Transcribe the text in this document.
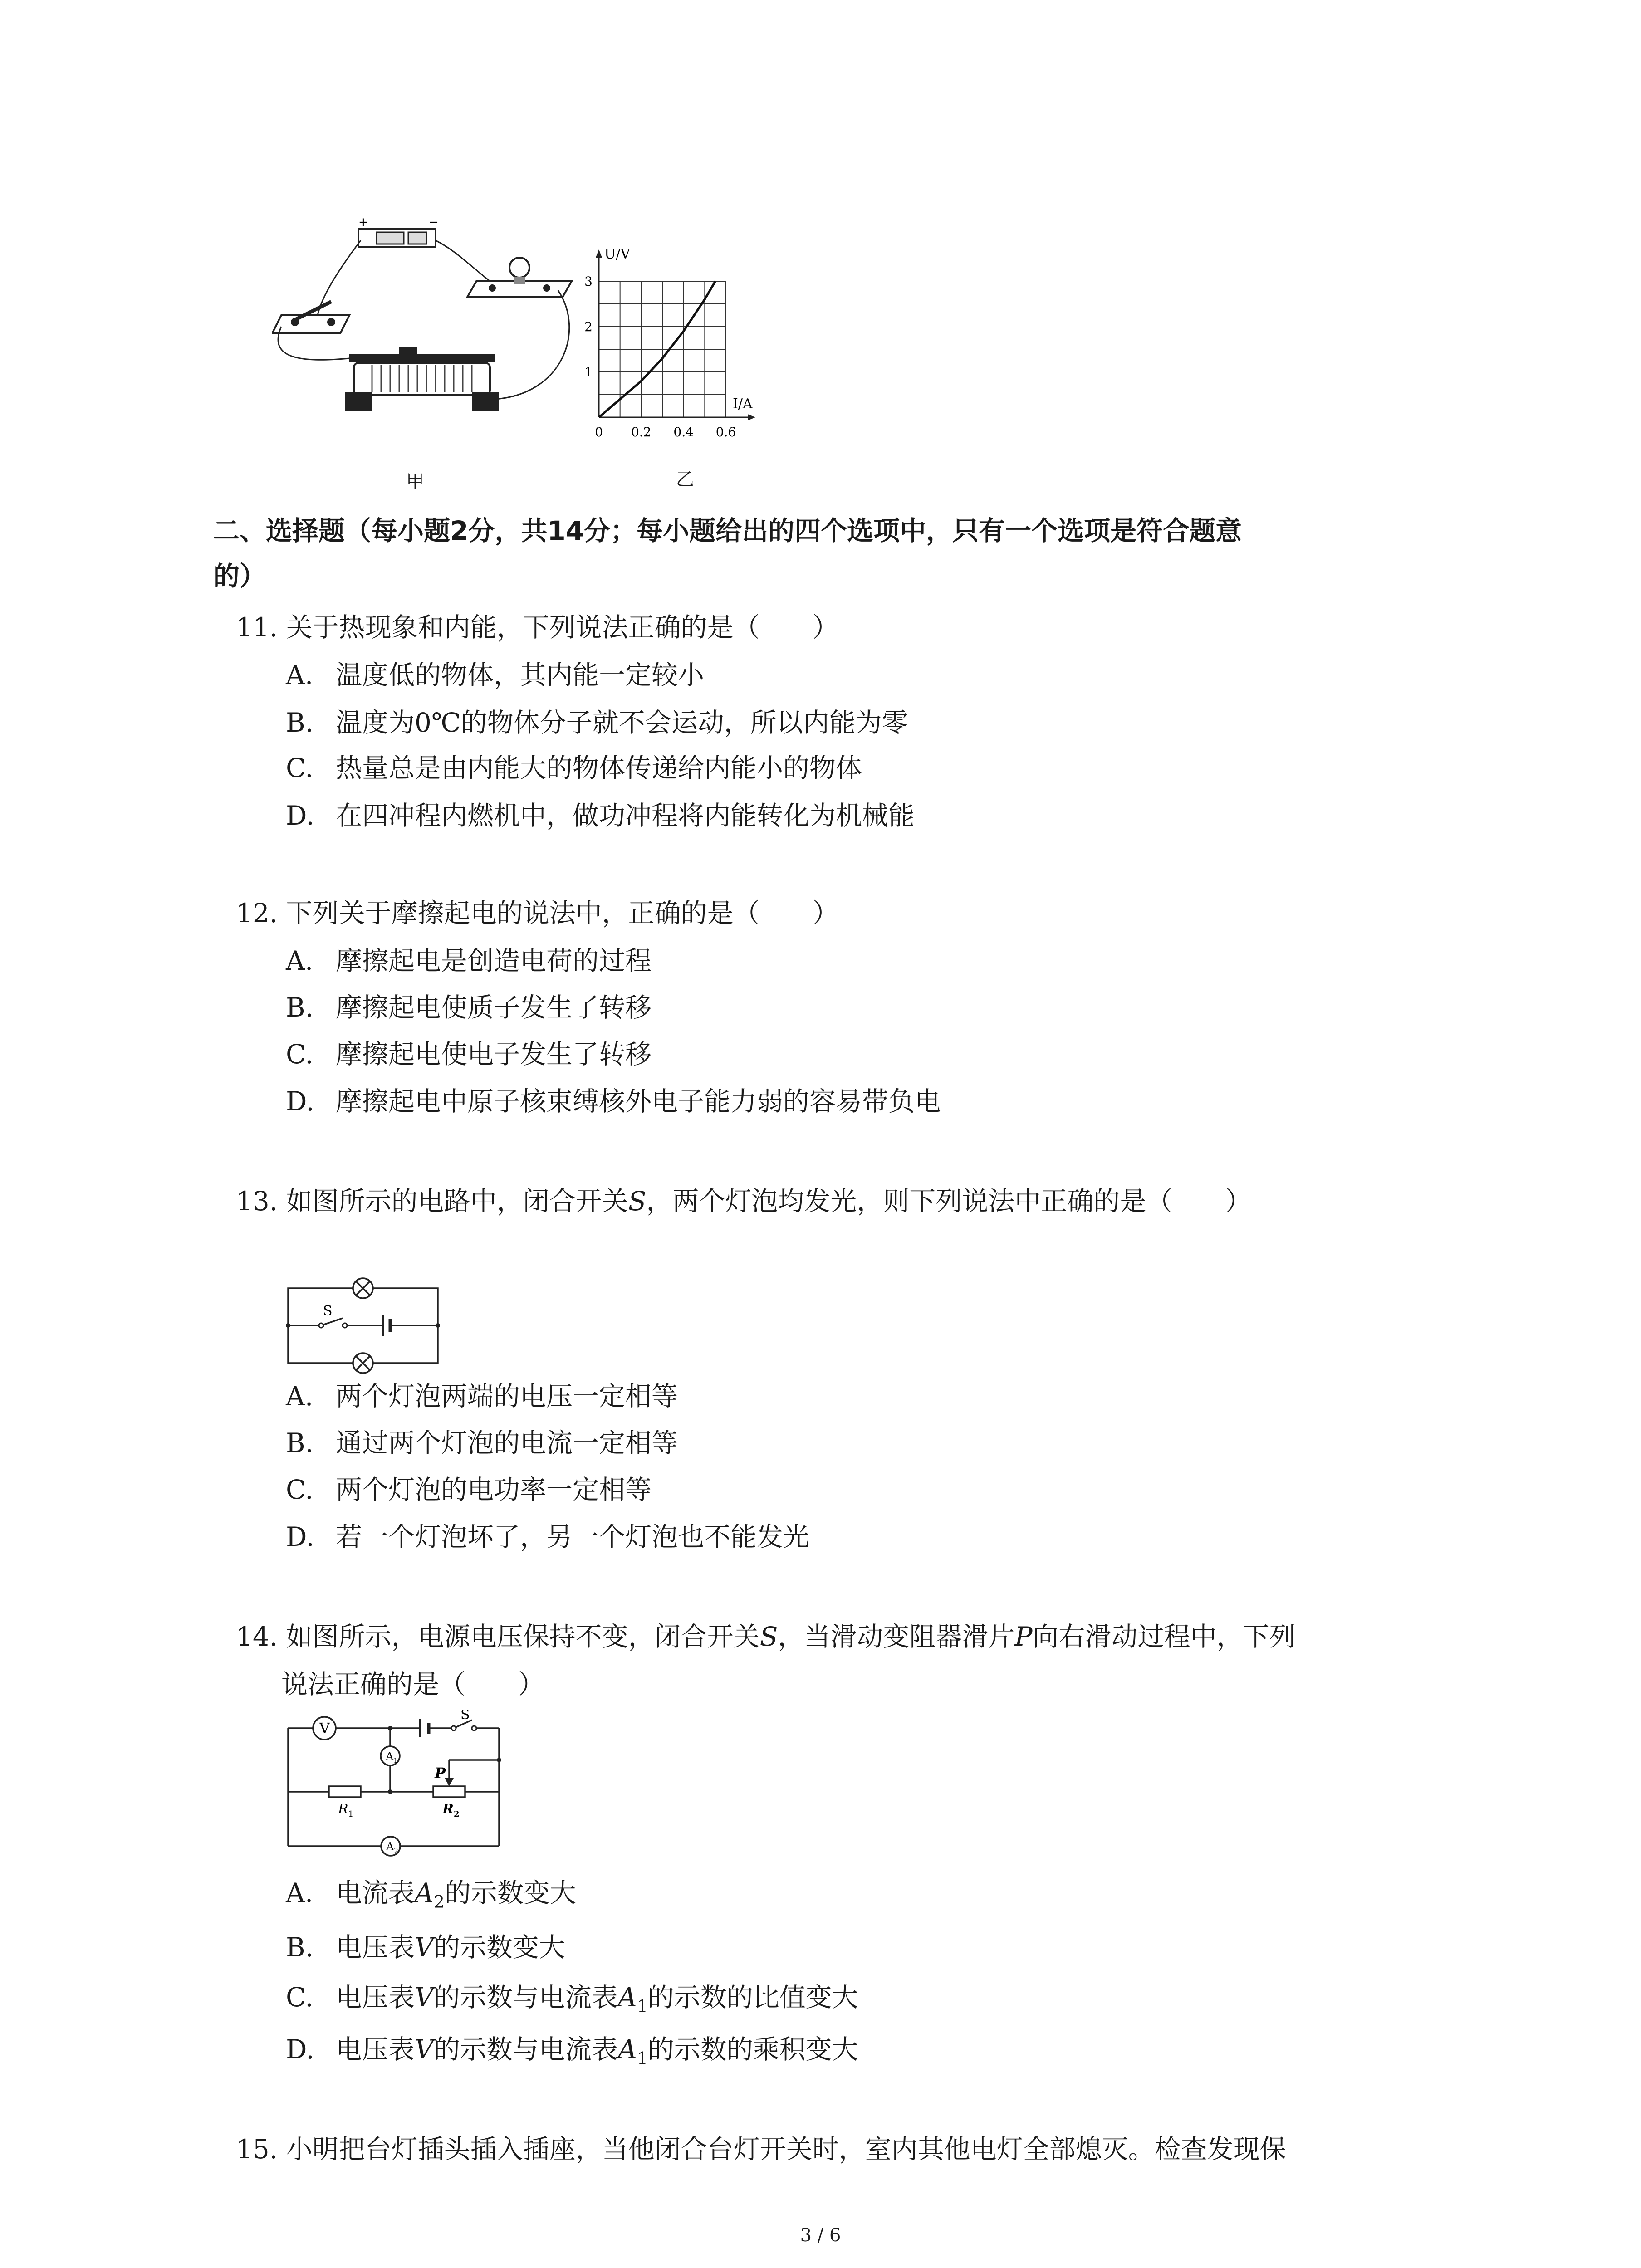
+	−
甲
I/A
U/V
0 0.2 0.4 0.6
1
2
3
乙
二、选择题（每小题2分，共14分；每小题给出的四个选项中，只有一个选项是符合题意
的）
11. 关于热现象和内能，下列说法正确的是（　　）
A. 温度低的物体，其内能一定较小
B. 温度为0℃的物体分子就不会运动，所以内能为零
C. 热量总是由内能大的物体传递给内能小的物体
D. 在四冲程内燃机中，做功冲程将内能转化为机械能
12. 下列关于摩擦起电的说法中，正确的是（　　）
A. 摩擦起电是创造电荷的过程
B. 摩擦起电使质子发生了转移
C. 摩擦起电使电子发生了转移
D. 摩擦起电中原子核束缚核外电子能力弱的容易带负电
13. 如图所示的电路中，闭合开关S，两个灯泡均发光，则下列说法中正确的是（　　）
S
A. 两个灯泡两端的电压一定相等
B. 通过两个灯泡的电流一定相等
C. 两个灯泡的电功率一定相等
D. 若一个灯泡坏了，另一个灯泡也不能发光
14. 如图所示，电源电压保持不变，闭合开关S，当滑动变阻器滑片P向右滑动过程中，下列
说法正确的是（　　）
V
$A_1$
$A_2$
S
P
$R_1$	$R_2$
A. 电流表$A_2$的示数变大
B. 电压表V的示数变大
C. 电压表V的示数与电流表$A_1$的示数的比值变大
D. 电压表V的示数与电流表$A_1$的示数的乘积变大
15. 小明把台灯插头插入插座，当他闭合台灯开关时，室内其他电灯全部熄灭。检查发现保
3 / 6
